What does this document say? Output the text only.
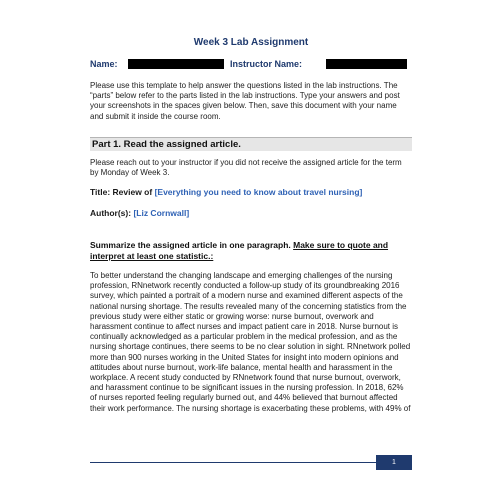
Week 3 Lab Assignment
Name:	Instructor Name:
Please use this template to help answer the questions listed in the lab instructions. The “parts” below refer to the parts listed in the lab instructions. Type your answers and post your screenshots in the spaces given below. Then, save this document with your name and submit it inside the course room.
Part 1. Read the assigned article.
Please reach out to your instructor if you did not receive the assigned article for the term by Monday of Week 3.
Title: Review of [Everything you need to know about travel nursing]
Author(s): [Liz Cornwall]
Summarize the assigned article in one paragraph. Make sure to quote and interpret at least one statistic.:
To better understand the changing landscape and emerging challenges of the nursing profession, RNnetwork recently conducted a follow-up study of its groundbreaking 2016 survey, which painted a portrait of a modern nurse and examined different aspects of the national nursing shortage. The results revealed many of the concerning statistics from the previous study were either static or growing worse: nurse burnout, overwork and harassment continue to affect nurses and impact patient care in 2018. Nurse burnout is continually acknowledged as a particular problem in the medical profession, and as the nursing shortage continues, there seems to be no clear solution in sight. RNnetwork polled more than 900 nurses working in the United States for insight into modern opinions and attitudes about nurse burnout, work-life balance, mental health and harassment in the workplace. A recent study conducted by RNnetwork found that nurse burnout, overwork, and harassment continue to be significant issues in the nursing profession. In 2018, 62% of nurses reported feeling regularly burned out, and 44% believed that burnout affected their work performance. The nursing shortage is exacerbating these problems, with 49% of
1
